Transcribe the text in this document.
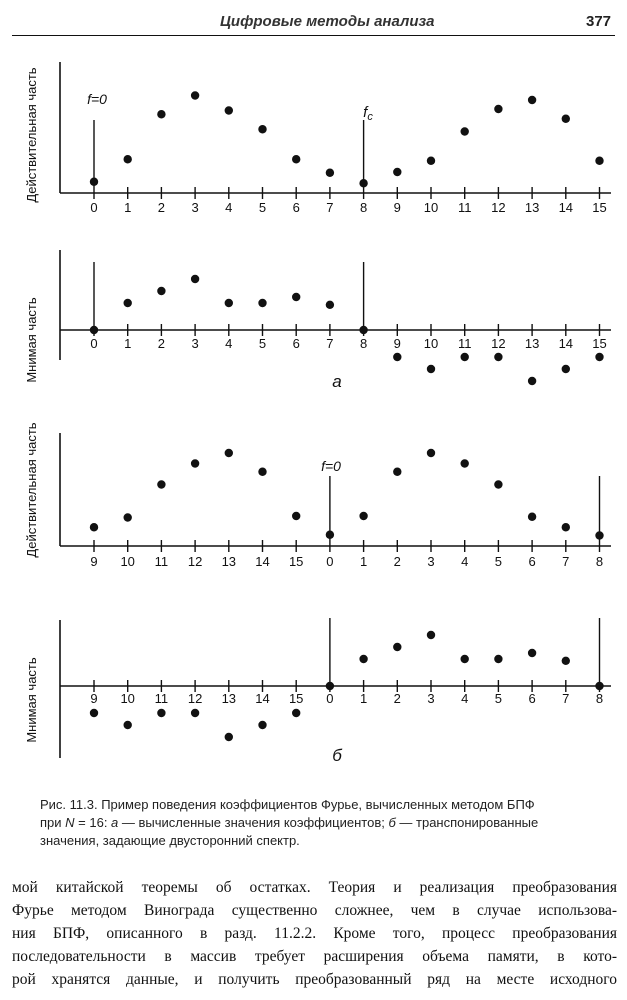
Цифровые методы анализа	377
Действительная часть
0 1 2 3 4 5 6 7 8 9 10 11 12 13 14 15
f=0
$f_c$
Мнимая часть	0 1 2 3 4 5 6 7 8 9 10 11 12 13 14 15
а
Действительная часть
9 10 11 12 13 14 15 0 1 2 3 4 5 6 7 8
f=0
Мнимая часть	9 10 11 12 13 14 15 0 1 2 3 4 5 6 7 8
б

Рис. 11.3. Пример поведения коэффициентов Фурье, вычисленных методом БПФ

при N = 16: а — вычисленные значения коэффициентов; б — транспонированные

значения, задающие двусторонний спектр.

мой китайской теоремы об остатках. Теория и реализация преобразования

Фурье методом Винограда существенно сложнее, чем в случае использова-

ния БПФ, описанного в разд. 11.2.2. Кроме того, процесс преобразования

последовательности в массив требует расширения объема памяти, в кото-

рой хранятся данные, и получить преобразованный ряд на месте исходного
